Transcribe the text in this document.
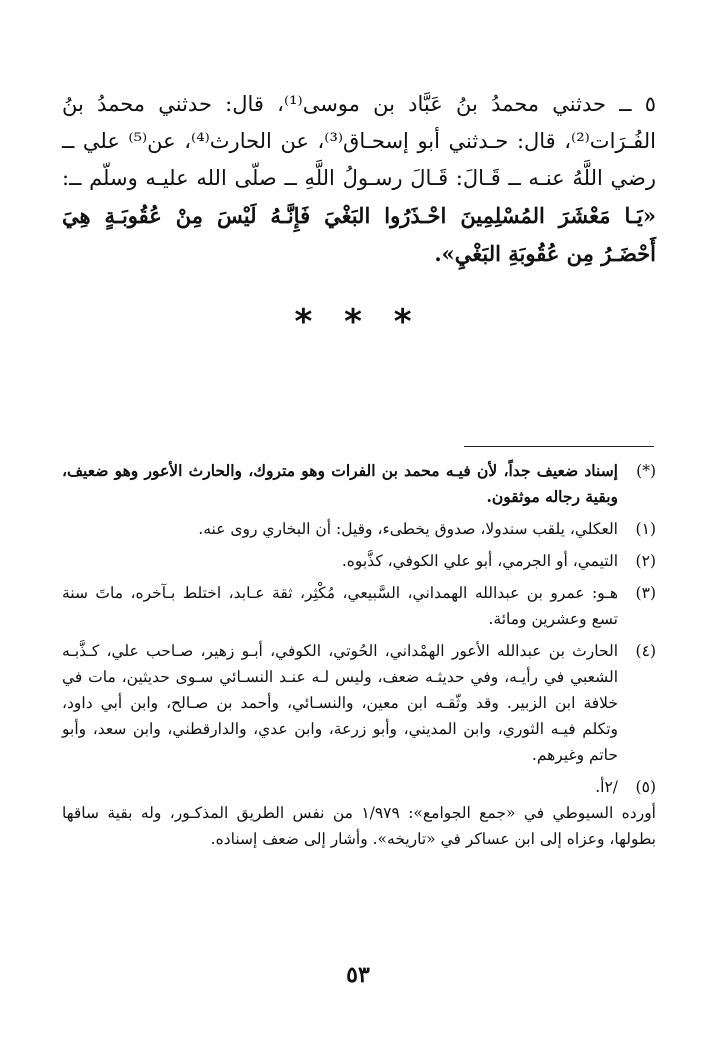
٥ ــ حدثني محمدُ بنُ عَبَّاد بن موسى⁽¹⁾، قال: حدثني محمدُ بنُ الفُـرَات⁽²⁾، قال: حـدثني أبو إسحـاق⁽³⁾، عن الحارث⁽⁴⁾، عن⁽⁵⁾ علي ــ رضي اللَّهُ عنـه ــ قَـالَ: قَـالَ رسـولُ اللَّهِ ــ صلّى الله عليـه وسلّم ــ: «يَـا مَعْشَرَ المُسْلِمِينَ احْـذَرُوا البَغْيَ فَإِنَّـهُ لَيْسَ مِنْ عُقُوبَـةٍ هِيَ أَحْضَـرُ مِن عُقُوبَةِ البَغْيِ».

* * *
(*)
إسناد ضعيف جداً، لأن فيـه محمد بن الفرات وهو متروك، والحارث الأعور وهو ضعيف، وبقية رجاله موثقون.
(١)
العكلي، يلقب سندولا، صدوق يخطىء، وقيل: أن البخاري روى عنه.
(٢)
التيمي، أو الجرمي، أبو علي الكوفي، كذَّبوه.
(٣)
هـو: عمرو بن عبدالله الهمداني، السَّبيعي، مُكْثِر، ثقة عـابد، اختلط بـآخره، ماتَ سنة تسع وعشرين ومائة.
(٤)
الحارث بن عبدالله الأعور الهمْداني، الحُوتي، الكوفي، أبـو زهير، صـاحب علي، كـذَّبـه الشعبي في رأيـه، وفي حديثـه ضعف، وليس لـه عنـد النسـائي سـوى حديثين، مات في خلافة ابن الزبير. وقد وثّقـه ابن معين، والنسـائي، وأحمد بن صـالح، وابن أبي داود، وتكلم فيـه الثوري، وابن المديني، وأبو زرعة، وابن عدي، والدارقطني، وابن سعد، وأبو حاتم وغيرهم.
(٥)
/٢أ.
أورده السيوطي في «جمع الجوامع»: ١/٩٧٩ من نفس الطريق المذكـور، وله بقية ساقها بطولها، وعزاه إلى ابن عساكر في «تاريخه». وأشار إلى ضعف إسناده.
٥٣
